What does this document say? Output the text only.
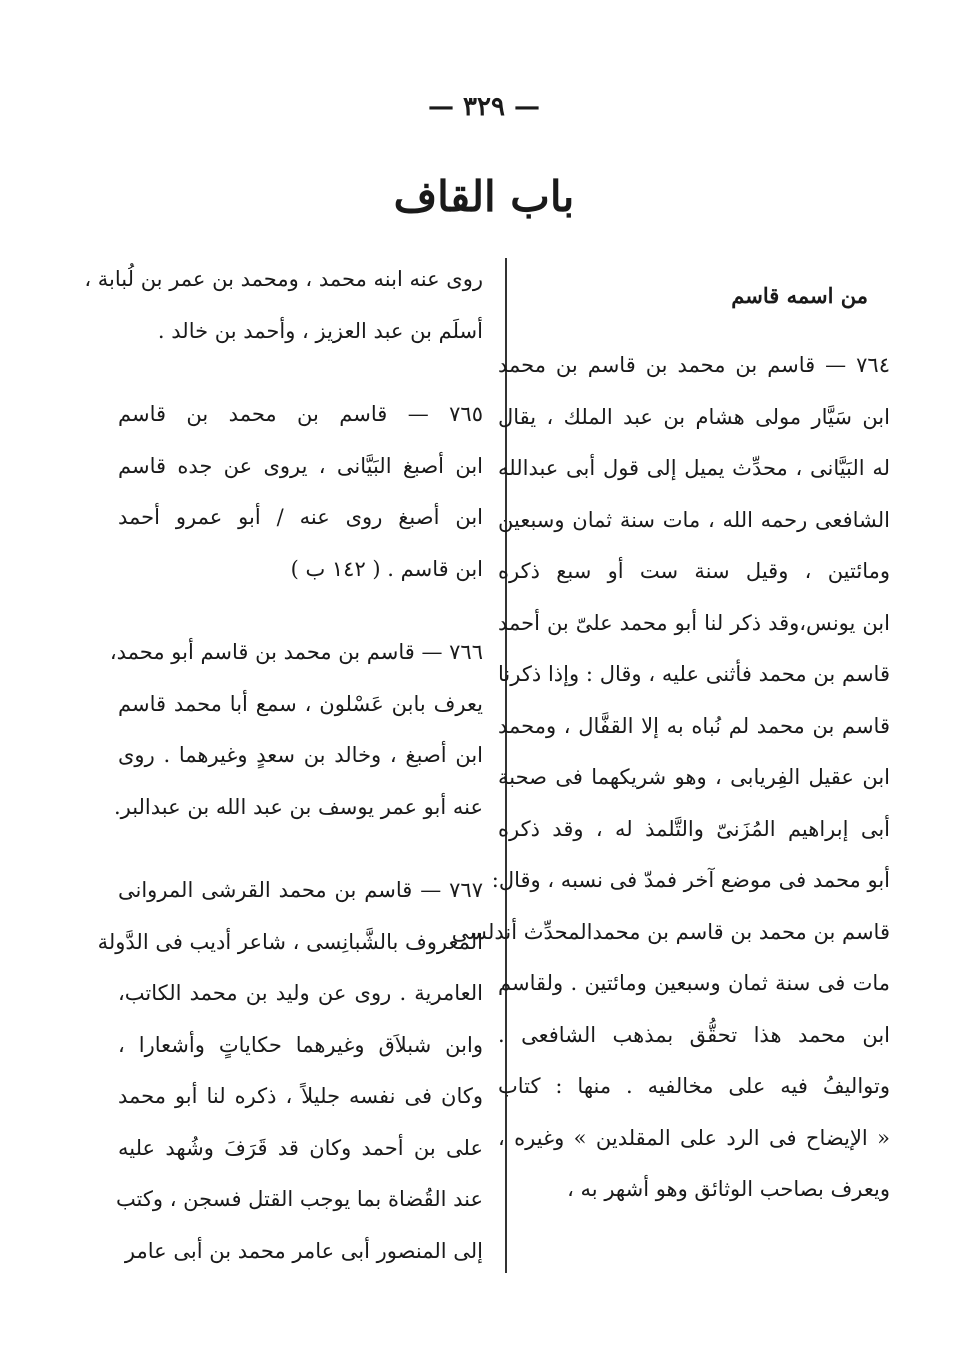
— ٣٢٩ —
باب القاف
من اسمه قاسم
٧٦٤ — قاسم بن محمد بن قاسم بن محمد
ابن سَيَّار مولى هشام بن عبد الملك ، يقال
له البَيَّانى ، محدِّث يميل إلى قول أبى عبدالله
الشافعى رحمه الله ، مات سنة ثمان وسبعين
ومائتين ، وقيل سنة ست أو سبع ذكره
ابن يونس،وقد ذكر لنا أبو محمد علىّ بن أحمد
قاسم بن محمد فأثنى عليه ، وقال : وإذا ذكرنا
قاسم بن محمد لم نُباه به إلا القفَّال ، ومحمد
ابن عقيل الفِريابى ، وهو شريكهما فى صحبة
أبى إبراهيم المُزَنىّ والتَّلمذ له ، وقد ذكره
أبو محمد فى موضع آخر فمدّ فى نسبه ، وقال:
قاسم بن محمد بن قاسم بن محمدالمحدِّث أندلسى
مات فى سنة ثمان وسبعين ومائتين . ولقاسم
ابن محمد هذا تحقُّق بمذهب الشافعى .
وتواليفُ فيه على مخالفيه . منها : كتاب
« الإيضاح فى الرد على المقلدين » وغيره ،
ويعرف بصاحب الوثائق وهو أشهر به ،
روى عنه ابنه محمد ، ومحمد بن عمر بن لُبابة ،
أسلَم بن عبد العزيز ، وأحمد بن خالد .
٧٦٥ — قاسم بن محمد بن قاسم
ابن أصبغ البَيَّانى ، يروى عن جده قاسم
ابن أصبغ روى عنه / أبو عمرو أحمد
ابن قاسم . ( ١٤٢ ب )
٧٦٦ — قاسم بن محمد بن قاسم أبو محمد،
يعرف بابن عَسْلون ، سمع أبا محمد قاسم
ابن أصبغ ، وخالد بن سعدٍ وغيرهما . روى
عنه أبو عمر يوسف بن عبد الله بن عبدالبر.
٧٦٧ — قاسم بن محمد القرشى المروانى
المعروف بالشَّبانِسى ، شاعر أديب فى الدَّولة
العامرية . روى عن وليد بن محمد الكاتب،
وابن شبلاَق وغيرهما حكاياتٍ وأشعارا ،
وكان فى نفسه جليلاً ، ذكره لنا أبو محمد
على بن أحمد وكان قد قَرَفَ وشُهد عليه
عند القُضاة بما يوجب القتل فسجن ، وكتب
إلى المنصور أبى عامر محمد بن أبى عامر
